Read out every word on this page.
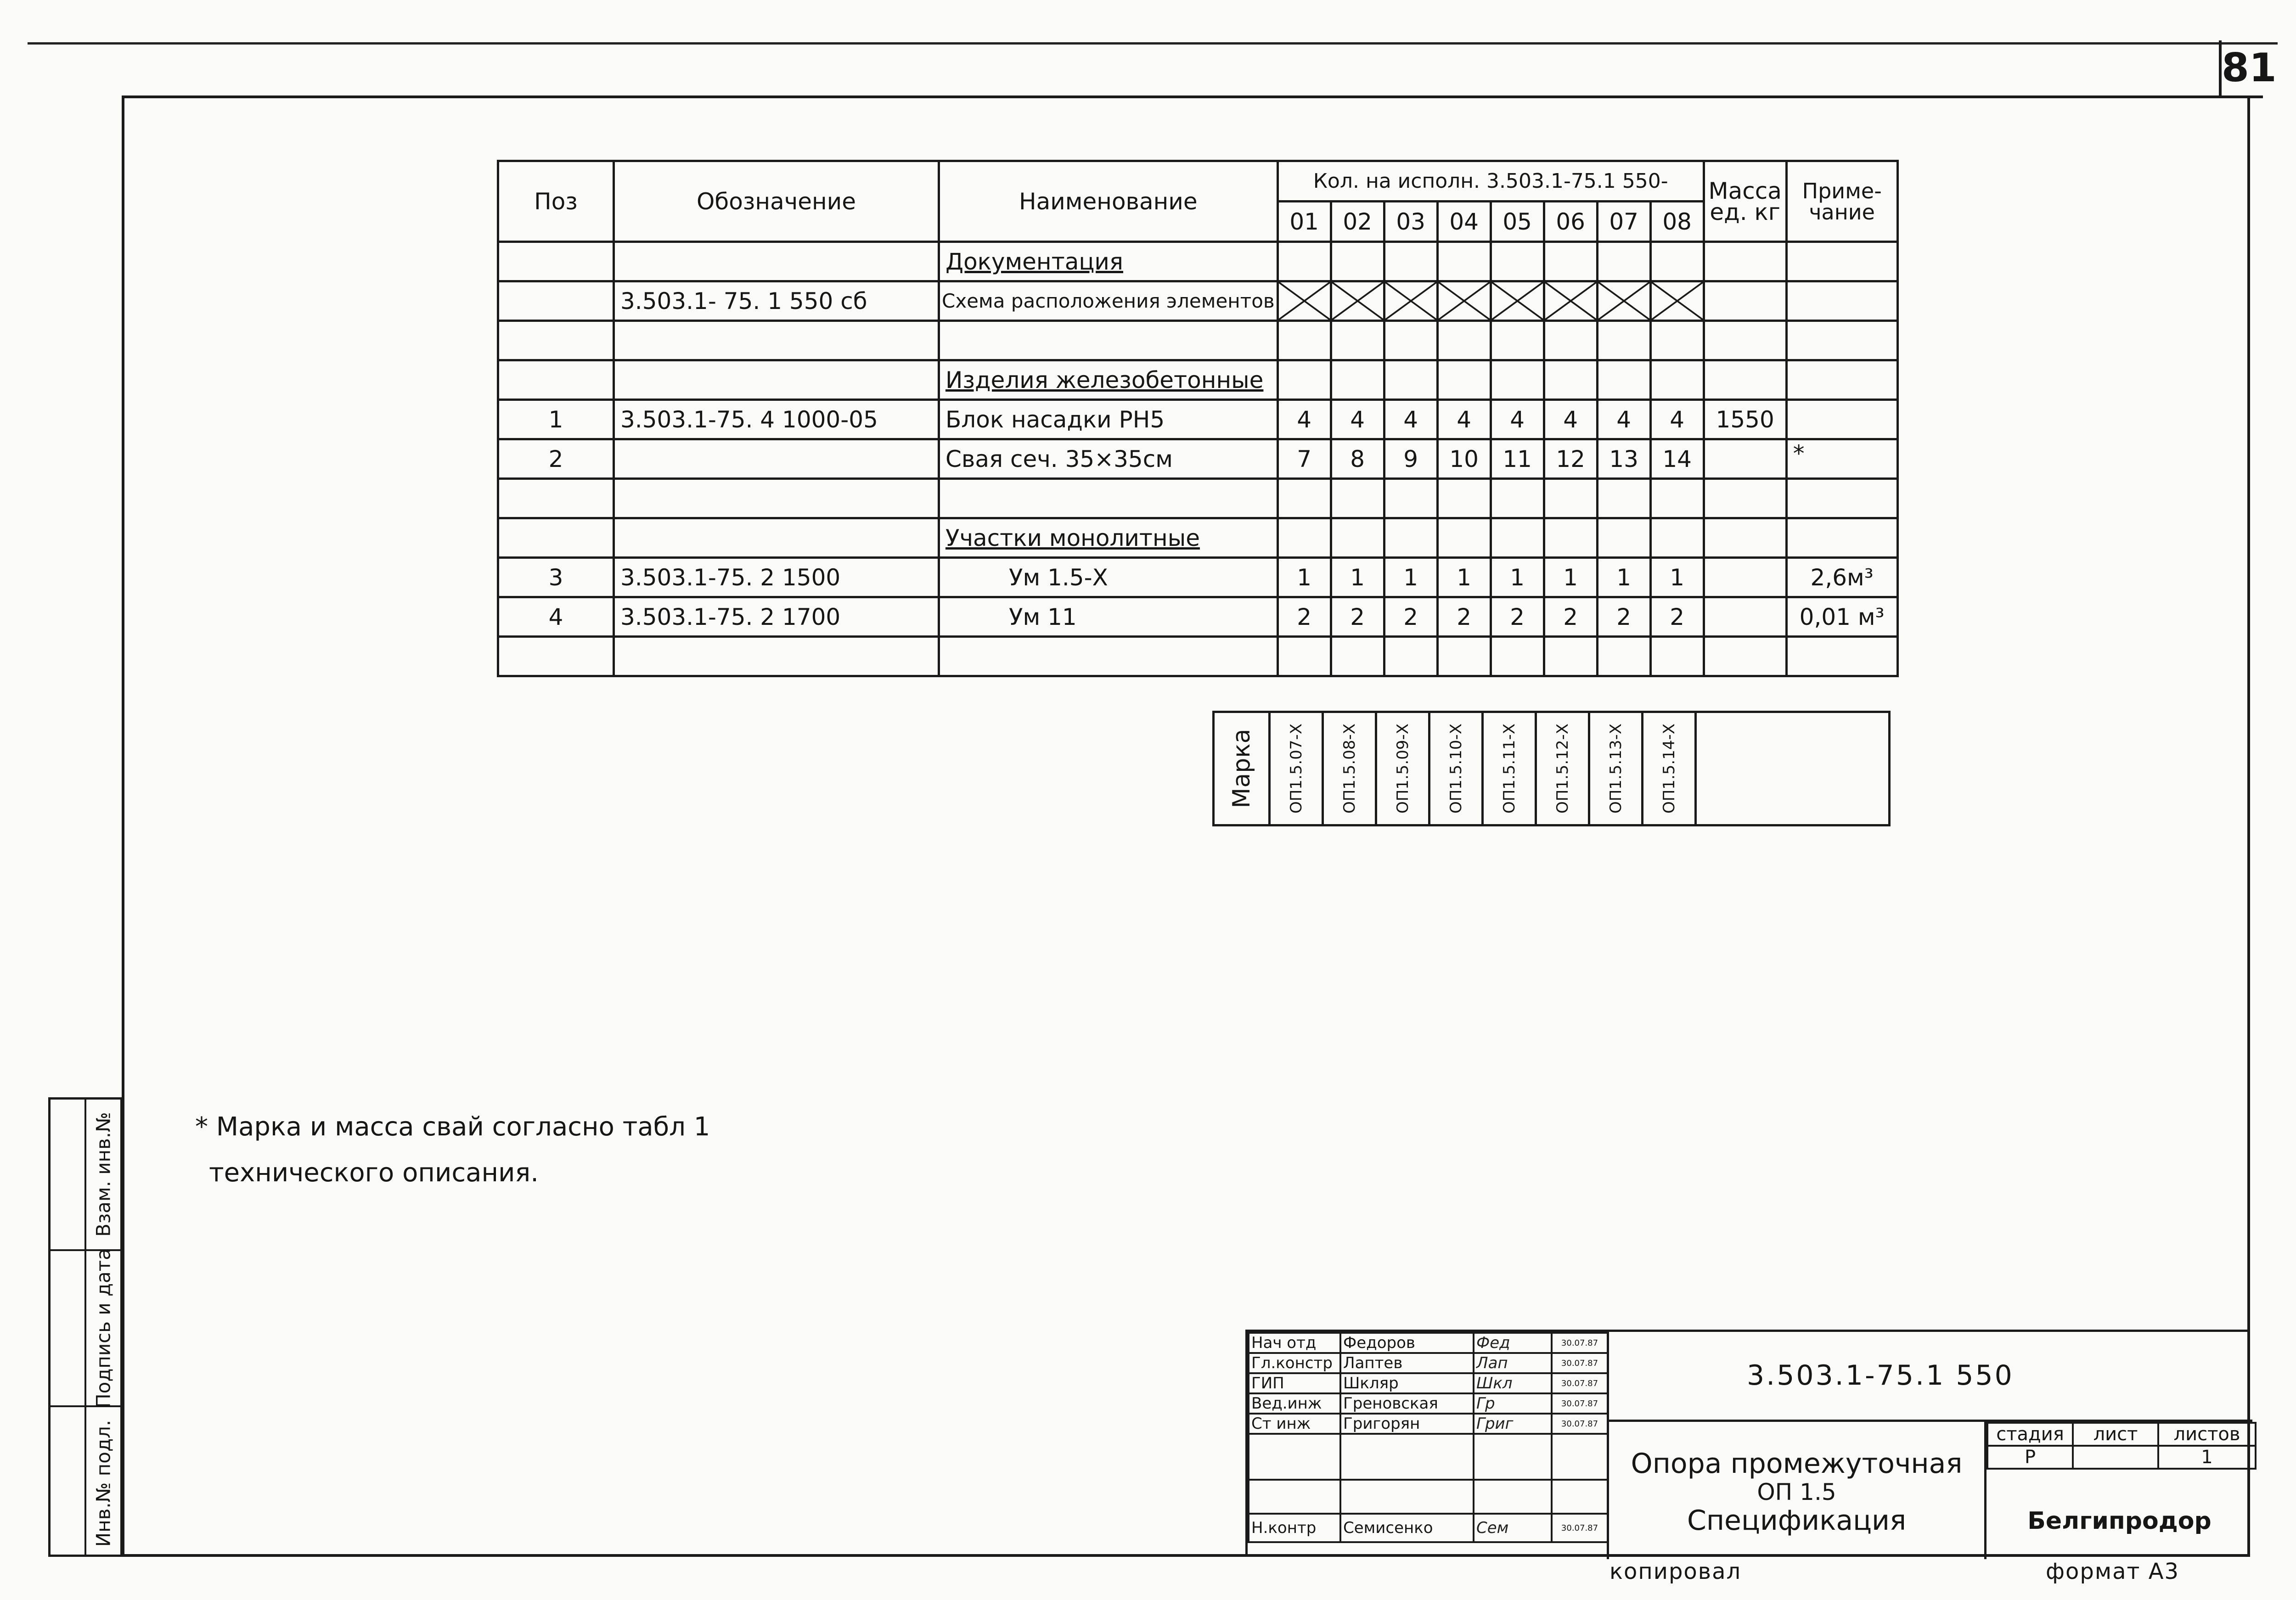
81
Взам. инв.№
Подпись и дата
Инв.№ подл.
Поз	Обозначение	Наименование	Кол. на исполн. 3.503.1-75.1 550-								Масса ед. кг	Приме-чание
			01	02	03	04	05	06	07	08		
		Документация										
	3.503.1- 75. 1 550 сб	Схема расположения элементов	

		Изделия железобетонные										
1	3.503.1-75. 4 1000-05	Блок насадки PH5	4	4	4	4	4	4	4	4	1550	
2		Свая сеч. 35×35см	7	8	9	10	11	12	13	14		*

		Участки монолитные										
3	3.503.1-75. 2 1500	Ум 1.5-Х	1	1	1	1	1	1	1	1		2,6м³
4	3.503.1-75. 2 1700	Ум 11	2	2	2	2	2	2	2	2		0,01 м³

Марка	ОП1.5.07-Х	ОП1.5.08-Х	ОП1.5.09-Х	ОП1.5.10-Х	ОП1.5.11-Х	ОП1.5.12-Х	ОП1.5.13-Х	ОП1.5.14-Х

* Марка и масса свай согласно табл 1
технического описания.
Нач отд	Федоров	Фед	30.07.87
Гл.констр	Лаптев	Лап	30.07.87
ГИП	Шкляр	Шкл	30.07.87
Вед.инж	Греновская	Гр	30.07.87
Ст инж	Григорян	Григ	30.07.87

Н.контр	Семисенко	Сем	30.07.87
3.503.1-75.1 550
Опора промежуточная
ОП 1.5
Спецификация
стадия	лист	листов
Р		1
Белгипродор
копировал	формат А3
